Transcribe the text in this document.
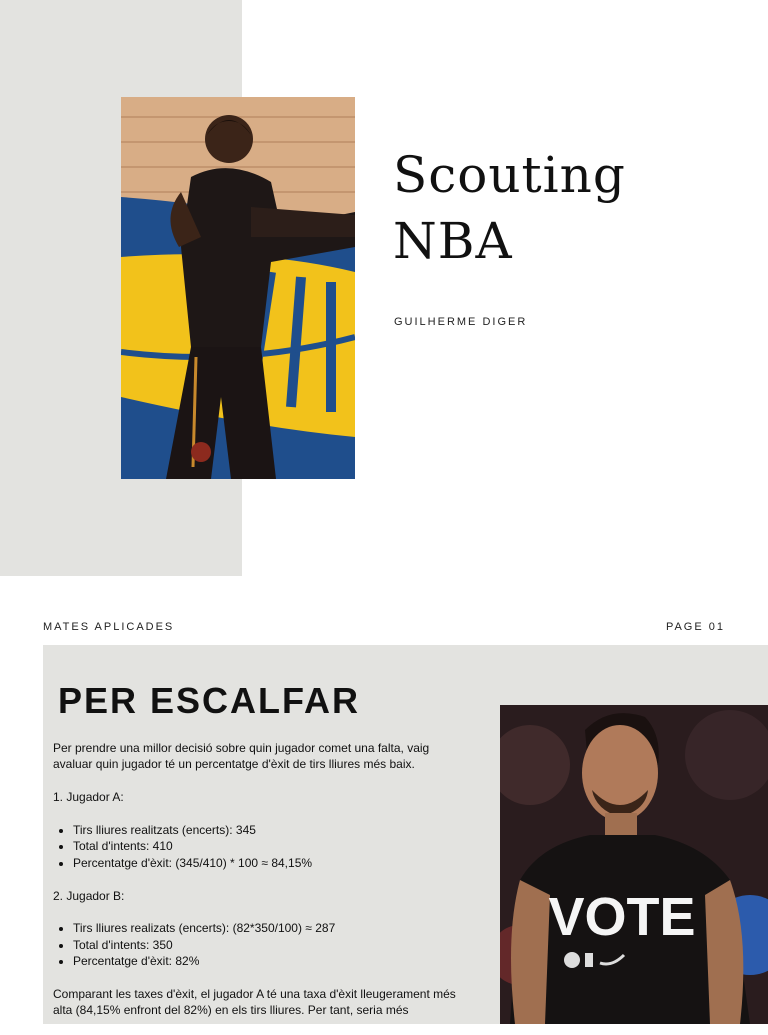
Scouting
NBA
GUILHERME DIGER
MATES APLICADES	PAGE 01
PER ESCALFAR

Per prendre una millor decisió sobre quin jugador comet una falta, vaig avaluar quin jugador té un percentatge d'èxit de tirs lliures més baix.

1. Jugador A:

• Tirs lliures realitzats (encerts): 345
• Total d'intents: 410
• Percentatge d'èxit: (345/410) * 100 ≈ 84,15%

2. Jugador B:

• Tirs lliures realizats (encerts): (82*350/100) ≈ 287
• Total d'intents: 350
• Percentatge d'èxit: 82%

Comparant les taxes d'èxit, el jugador A té una taxa d'èxit lleugerament més alta (84,15% enfront del 82%) en els tirs lliures. Per tant, seria més

VOTE
